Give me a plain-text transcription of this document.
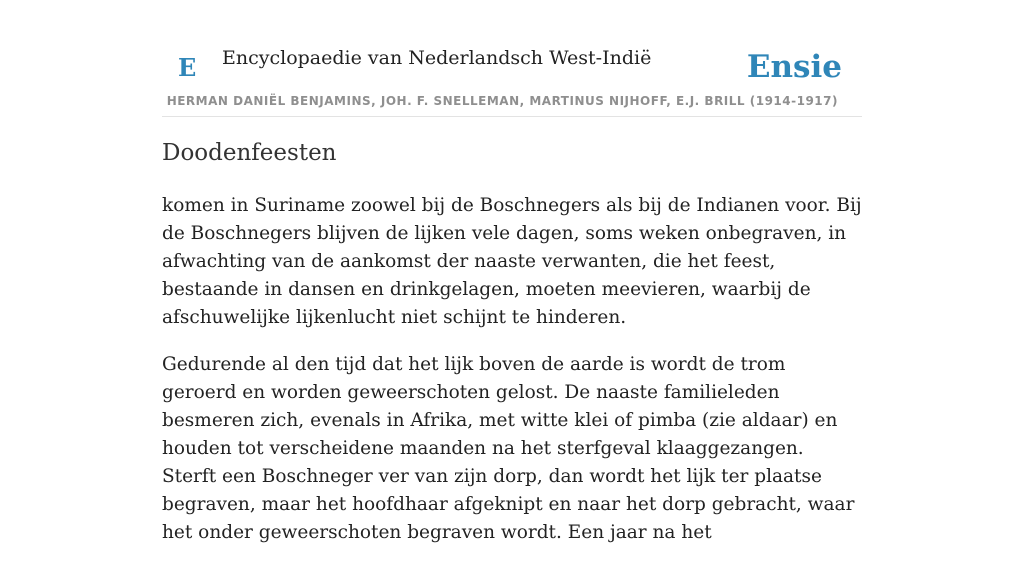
E Encyclopaedie van Nederlandsch West-Indië	Ensie
HERMAN DANIËL BENJAMINS, JOH. F. SNELLEMAN, MARTINUS NIJHOFF, E.J. BRILL (1914-1917)
Doodenfeesten

komen in Suriname zoowel bij de Boschnegers als bij de Indianen voor. Bij de Boschnegers blijven de lijken vele dagen, soms weken onbegraven, in afwachting van de aankomst der naaste verwanten, die het feest, bestaande in dansen en drinkgelagen, moeten meevieren, waarbij de afschuwelijke lijkenlucht niet schijnt te hinderen.

Gedurende al den tijd dat het lijk boven de aarde is wordt de trom geroerd en worden geweerschoten gelost. De naaste familieleden besmeren zich, evenals in Afrika, met witte klei of pimba (zie aldaar) en houden tot verscheidene maanden na het sterfgeval klaaggezangen. Sterft een Boschneger ver van zijn dorp, dan wordt het lijk ter plaatse begraven, maar het hoofdhaar afgeknipt en naar het dorp gebracht, waar het onder geweerschoten begraven wordt. Een jaar na het
